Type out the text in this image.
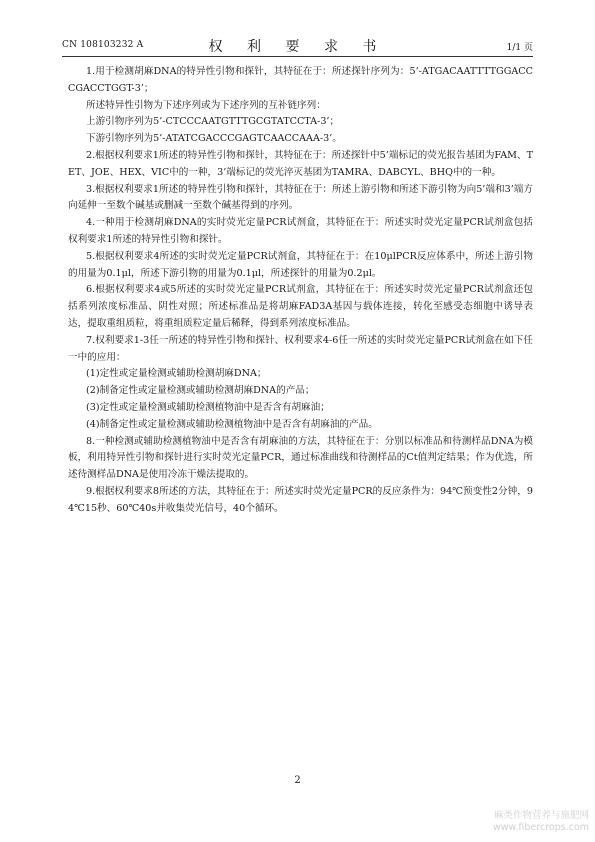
CN 108103232 A	权 利 要 求 书	1/1 页

1.用于检测胡麻DNA的特异性引物和探针，其特征在于：所述探针序列为：5’-ATGACAATTTTGGACCCGACCTGGT-3’；

所述特异性引物为下述序列或为下述序列的互补链序列：

上游引物序列为5’-CTCCCAATGTTTGCGTATCCTA-3’；

下游引物序列为5’-ATATCGACCCGAGTCAACCAAA-3’。

2.根据权利要求1所述的特异性引物和探针，其特征在于：所述探针中5’端标记的荧光报告基团为FAM、TET、JOE、HEX、VIC中的一种，3’端标记的荧光淬灭基团为TAMRA、DABCYL、BHQ中的一种。

3.根据权利要求1所述的特异性引物和探针，其特征在于：所述上游引物和所述下游引物为向5’端和3’端方向延伸一至数个碱基或删减一至数个碱基得到的序列。

4.一种用于检测胡麻DNA的实时荧光定量PCR试剂盒，其特征在于：所述实时荧光定量PCR试剂盒包括权利要求1所述的特异性引物和探针。

5.根据权利要求4所述的实时荧光定量PCR试剂盒，其特征在于：在10μlPCR反应体系中，所述上游引物的用量为0.1μl，所述下游引物的用量为0.1μl，所述探针的用量为0.2μl。

6.根据权利要求4或5所述的实时荧光定量PCR试剂盒，其特征在于：所述实时荧光定量PCR试剂盒还包括系列浓度标准品、阴性对照；所述标准品是将胡麻FAD3A基因与载体连接，转化至感受态细胞中诱导表达，提取重组质粒，将重组质粒定量后稀释，得到系列浓度标准品。

7.权利要求1-3任一所述的特异性引物和探针、权利要求4-6任一所述的实时荧光定量PCR试剂盒在如下任一中的应用：

(1)定性或定量检测或辅助检测胡麻DNA；

(2)制备定性或定量检测或辅助检测胡麻DNA的产品；

(3)定性或定量检测或辅助检测植物油中是否含有胡麻油；

(4)制备定性或定量检测或辅助检测植物油中是否含有胡麻油的产品。

8.一种检测或辅助检测植物油中是否含有胡麻油的方法，其特征在于：分别以标准品和待测样品DNA为模板，利用特异性引物和探针进行实时荧光定量PCR，通过标准曲线和待测样品的Ct值判定结果；作为优选，所述待测样品DNA是使用冷冻干燥法提取的。

9.根据权利要求8所述的方法，其特征在于：所述实时荧光定量PCR的反应条件为：94℃预变性2分钟，94℃15秒、60℃40s并收集荧光信号，40个循环。

2
麻类作物营养与施肥网
www.fibercrops.com
